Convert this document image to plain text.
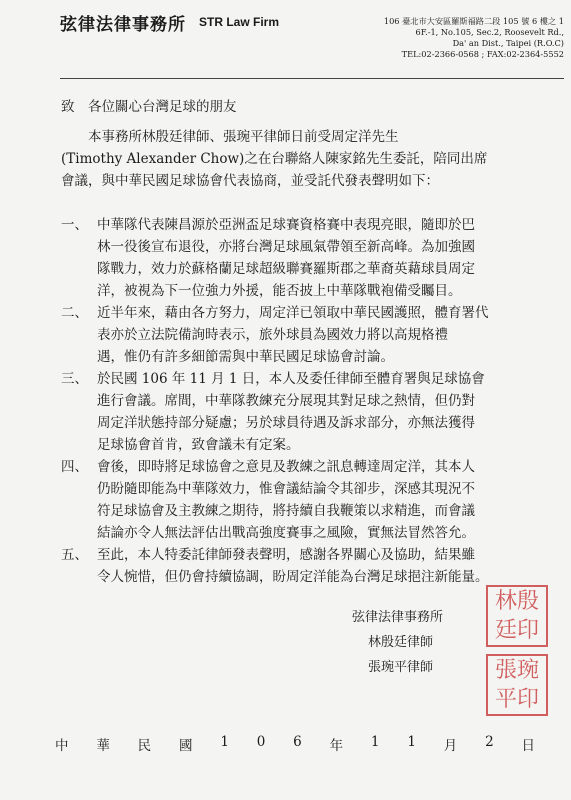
弦律法律事務所 STR Law Firm	106 臺北市大安區羅斯福路二段 105 號 6 樓之 1
6F.-1, No.105, Sec.2, Roosevelt Rd.,
Da' an Dist., Taipei (R.O.C)
TEL:02-2366-0568 ; FAX:02-2364-5552
致　各位關心台灣足球的朋友
本事務所林殷廷律師、張琬平律師日前受周定洋先生
(Timothy Alexander Chow)之在台聯絡人陳家銘先生委託，陪同出席
會議，與中華民國足球協會代表協商，並受託代發表聲明如下：
一、 中華隊代表陳昌源於亞洲盃足球賽資格賽中表現亮眼，隨即於巴
林一役後宣布退役，亦將台灣足球風氣帶領至新高峰。為加強國
隊戰力，效力於蘇格蘭足球超級聯賽羅斯郡之華裔英藉球員周定
洋，被視為下一位強力外援，能否披上中華隊戰袍備受矚目。
二、 近半年來，藉由各方努力，周定洋已領取中華民國護照，體育署代
表亦於立法院備詢時表示，旅外球員為國效力將以高規格禮
遇，惟仍有許多細節需與中華民國足球協會討論。
三、 於民國 106 年 11 月 1 日，本人及委任律師至體育署與足球協會
進行會議。席間，中華隊教練充分展現其對足球之熱情，但仍對
周定洋狀態持部分疑慮；另於球員待遇及訴求部分，亦無法獲得
足球協會首肯，致會議未有定案。
四、 會後，即時將足球協會之意見及教練之訊息轉達周定洋，其本人
仍盼隨即能為中華隊效力，惟會議結論令其卻步，深感其現況不
符足球協會及主教練之期待，將持續自我鞭策以求精進，而會議
結論亦令人無法評估出戰高強度賽事之風險，實無法冒然答允。
五、 至此，本人特委託律師發表聲明，感謝各界關心及協助，結果雖
令人惋惜，但仍會持續協調，盼周定洋能為台灣足球挹注新能量。
弦律法律事務所
林殷廷律師
張琬平律師
林殷
廷印
張琬
平印
中 華 民 國 1 0 6 年 1 1 月 2 日
